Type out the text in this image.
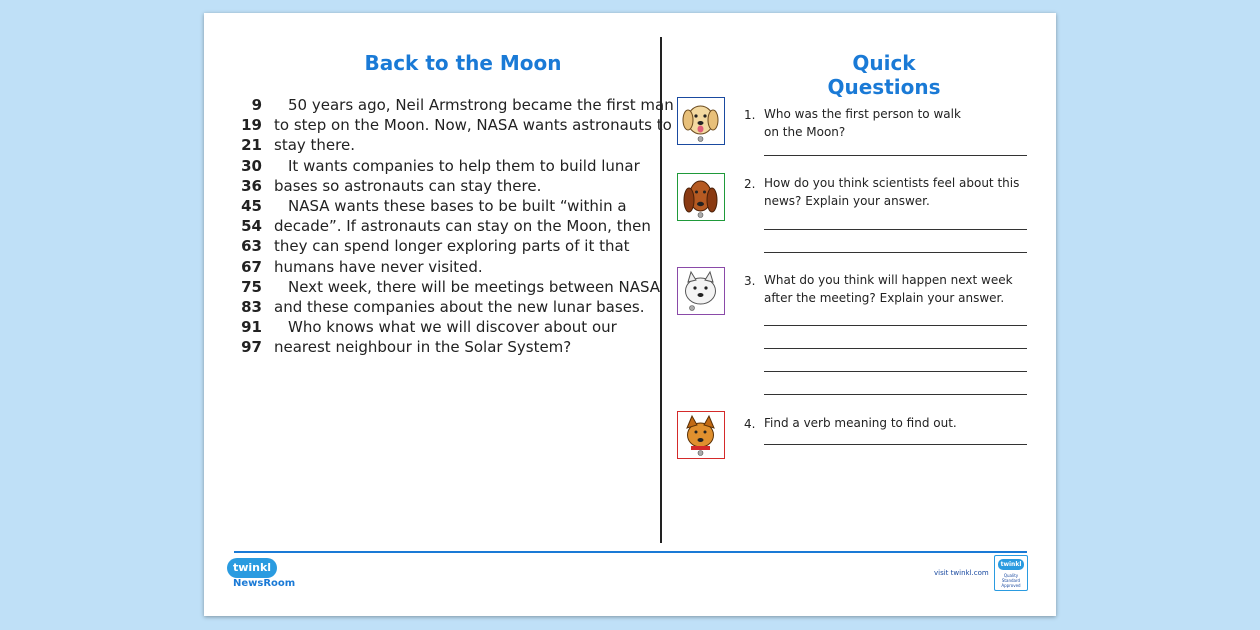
Back to the Moon	Quick Questions
9 50 years ago, Neil Armstrong became the first man
19 to step on the Moon. Now, NASA wants astronauts to
21 stay there.
30 It wants companies to help them to build lunar
36 bases so astronauts can stay there.
45 NASA wants these bases to be built “within a
54 decade”. If astronauts can stay on the Moon, then
63 they can spend longer exploring parts of it that
67 humans have never visited.
75 Next week, there will be meetings between NASA
83 and these companies about the new lunar bases.
91 Who knows what we will discover about our
97 nearest neighbour in the Solar System?
1. Who was the first person to walk on the Moon?
2. How do you think scientists feel about this news? Explain your answer.
3. What do you think will happen next week after the meeting? Explain your answer.
4. Find a verb meaning to find out.
twinkl
NewsRoom
visit twinkl.com
twinkl
Quality Standard Approved
